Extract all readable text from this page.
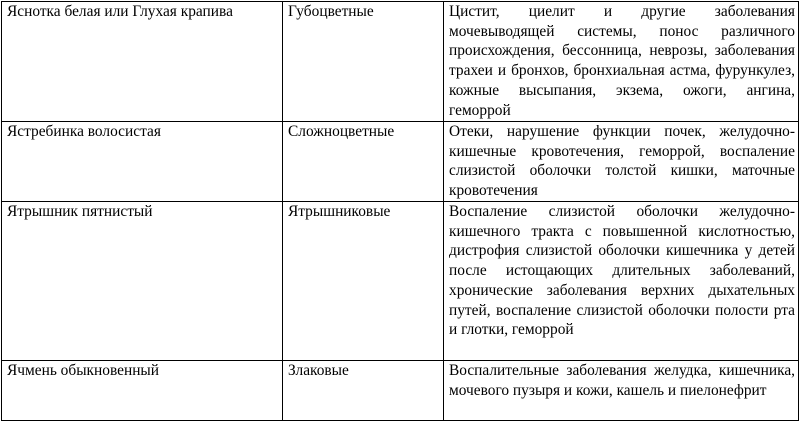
Яснотка белая или Глухая крапива	Губоцветные	Цистит, циелит и другие заболевания мочевыводящей системы, понос различного происхождения, бессонница, неврозы, заболевания трахеи и бронхов, бронхиальная астма, фурункулез, кожные высыпания, экзема, ожоги, ангина, геморрой
Ястребинка волосистая	Сложноцветные	Отеки, нарушение функции почек, желудочно-кишечные кровотечения, геморрой, воспаление слизистой оболочки толстой кишки, маточные кровотечения
Ятрышник пятнистый	Ятрышниковые	Воспаление слизистой оболочки желудочно-кишечного тракта с повышенной кислотностью, дистрофия слизистой оболочки кишечника у детей после истощающих длительных заболеваний, хронические заболевания верхних дыхательных путей, воспаление слизистой оболочки полости рта и глотки, геморрой
Ячмень обыкновенный	Злаковые	Воспалительные заболевания желудка, кишечника, мочевого пузыря и кожи, кашель и пиелонефрит
